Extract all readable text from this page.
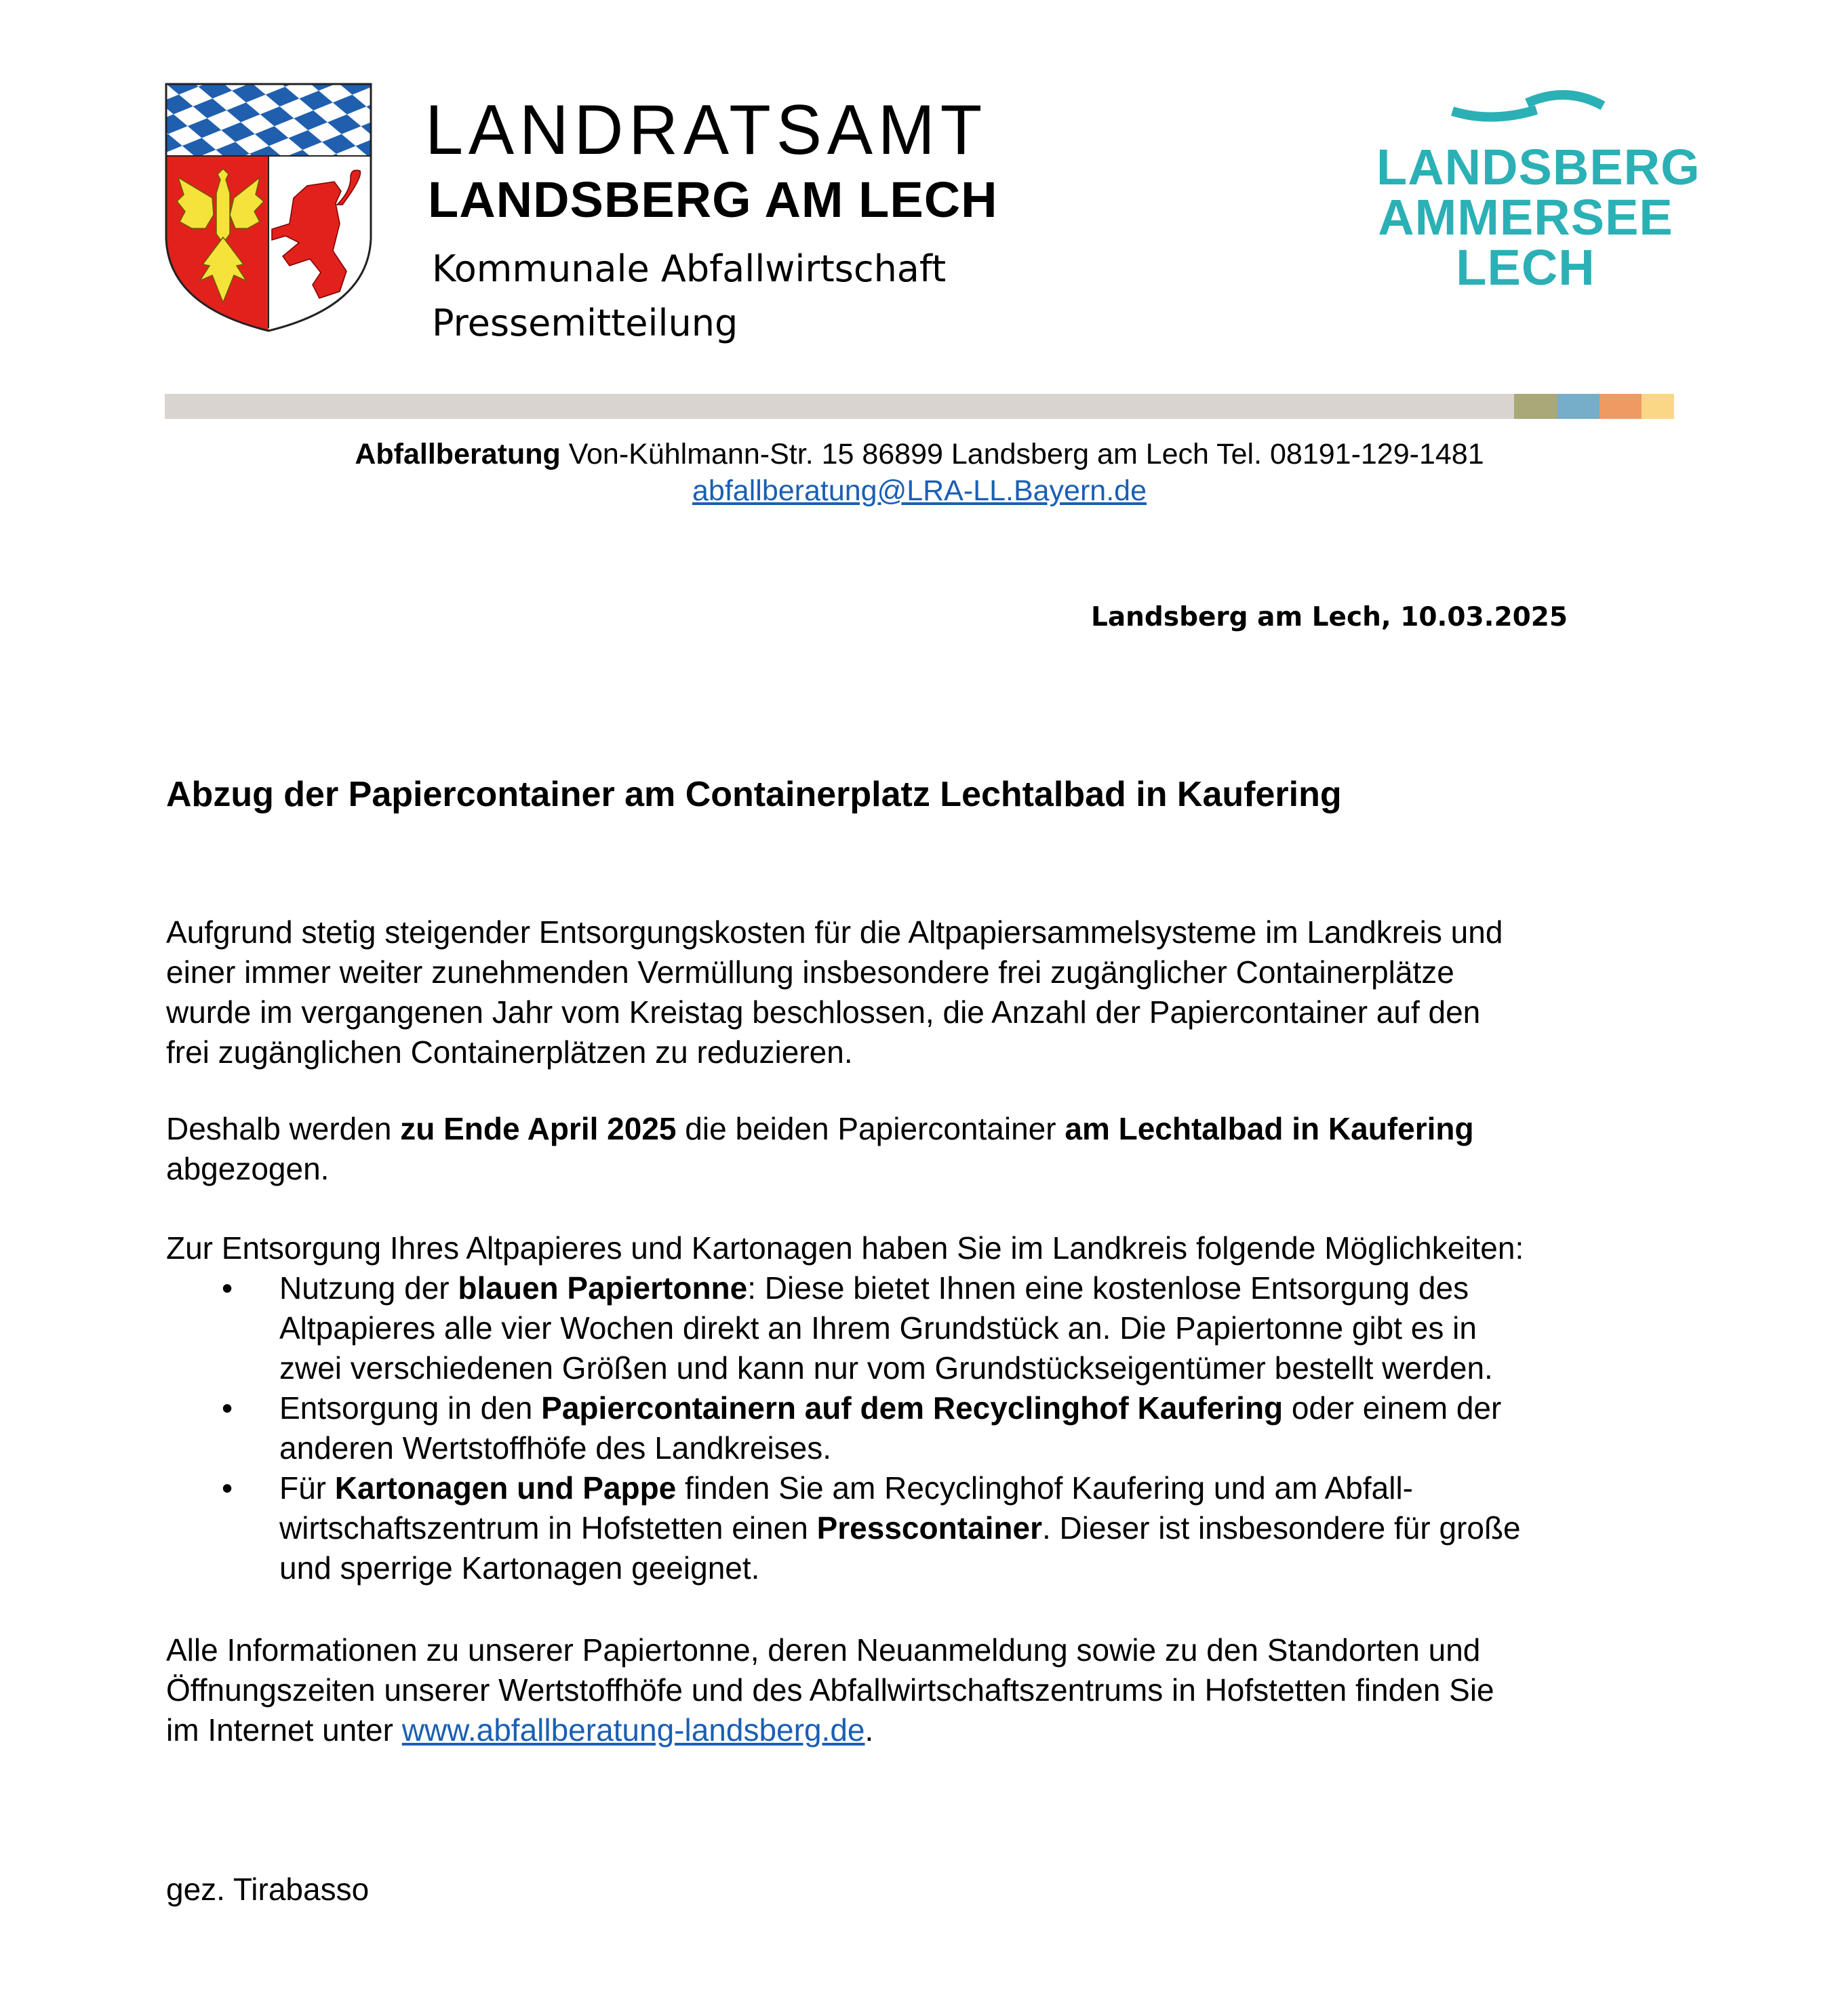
LANDRATSAMT
LANDSBERG AM LECH
Kommunale Abfallwirtschaft
Pressemitteilung
LANDSBERG
AMMERSEE
LECH
Abfallberatung Von-Kühlmann-Str. 15 86899 Landsberg am Lech Tel. 08191-129-1481
abfallberatung@LRA-LL.Bayern.de
Landsberg am Lech, 10.03.2025
Abzug der Papiercontainer am Containerplatz Lechtalbad in Kaufering
Aufgrund stetig steigender Entsorgungskosten für die Altpapiersammelsysteme im Landkreis und
einer immer weiter zunehmenden Vermüllung insbesondere frei zugänglicher Containerplätze
wurde im vergangenen Jahr vom Kreistag beschlossen, die Anzahl der Papiercontainer auf den
frei zugänglichen Containerplätzen zu reduzieren.
Deshalb werden zu Ende April 2025 die beiden Papiercontainer am Lechtalbad in Kaufering
abgezogen.
Zur Entsorgung Ihres Altpapieres und Kartonagen haben Sie im Landkreis folgende Möglichkeiten:
• Nutzung der blauen Papiertonne: Diese bietet Ihnen eine kostenlose Entsorgung des
Altpapieres alle vier Wochen direkt an Ihrem Grundstück an. Die Papiertonne gibt es in
zwei verschiedenen Größen und kann nur vom Grundstückseigentümer bestellt werden.
• Entsorgung in den Papiercontainern auf dem Recyclinghof Kaufering oder einem der
anderen Wertstoffhöfe des Landkreises.
• Für Kartonagen und Pappe finden Sie am Recyclinghof Kaufering und am Abfall-
wirtschaftszentrum in Hofstetten einen Presscontainer. Dieser ist insbesondere für große
und sperrige Kartonagen geeignet.
Alle Informationen zu unserer Papiertonne, deren Neuanmeldung sowie zu den Standorten und
Öffnungszeiten unserer Wertstoffhöfe und des Abfallwirtschaftszentrums in Hofstetten finden Sie
im Internet unter www.abfallberatung-landsberg.de.
gez. Tirabasso
